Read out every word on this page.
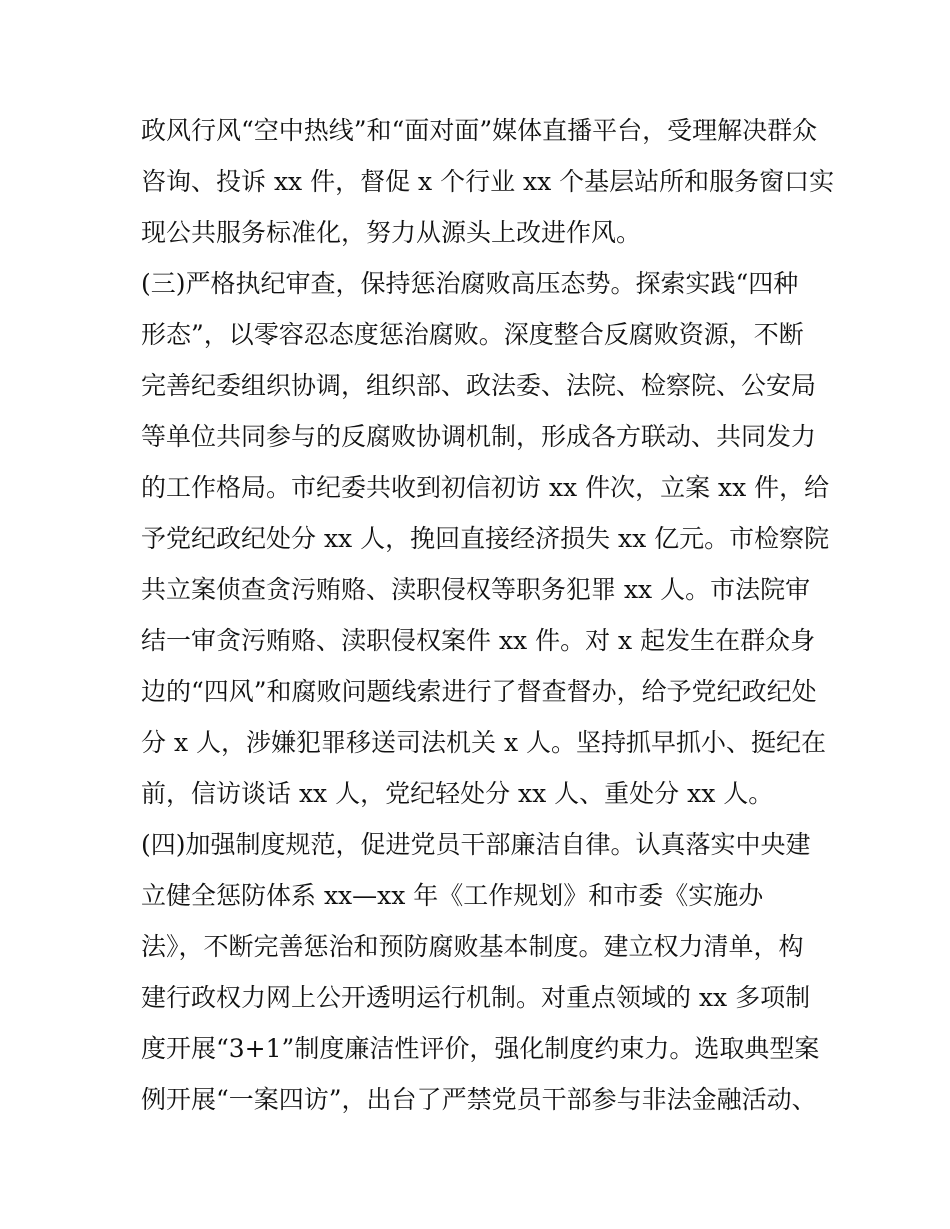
政风行风“空中热线”和“面对面”媒体直播平台，受理解决群众
咨询、投诉 xx 件，督促 x 个行业 xx 个基层站所和服务窗口实
现公共服务标准化，努力从源头上改进作风。
(三)严格执纪审查，保持惩治腐败高压态势。探索实践“四种
形态”，以零容忍态度惩治腐败。深度整合反腐败资源，不断
完善纪委组织协调，组织部、政法委、法院、检察院、公安局
等单位共同参与的反腐败协调机制，形成各方联动、共同发力
的工作格局。市纪委共收到初信初访 xx 件次，立案 xx 件，给
予党纪政纪处分 xx 人，挽回直接经济损失 xx 亿元。市检察院
共立案侦查贪污贿赂、渎职侵权等职务犯罪 xx 人。市法院审
结一审贪污贿赂、渎职侵权案件 xx 件。对 x 起发生在群众身
边的“四风”和腐败问题线索进行了督查督办，给予党纪政纪处
分 x 人，涉嫌犯罪移送司法机关 x 人。坚持抓早抓小、挺纪在
前，信访谈话 xx 人，党纪轻处分 xx 人、重处分 xx 人。
(四)加强制度规范，促进党员干部廉洁自律。认真落实中央建
立健全惩防体系 xx—xx 年《工作规划》和市委《实施办
法》，不断完善惩治和预防腐败基本制度。建立权力清单，构
建行政权力网上公开透明运行机制。对重点领域的 xx 多项制
度开展“3+1”制度廉洁性评价，强化制度约束力。选取典型案
例开展“一案四访”，出台了严禁党员干部参与非法金融活动、
